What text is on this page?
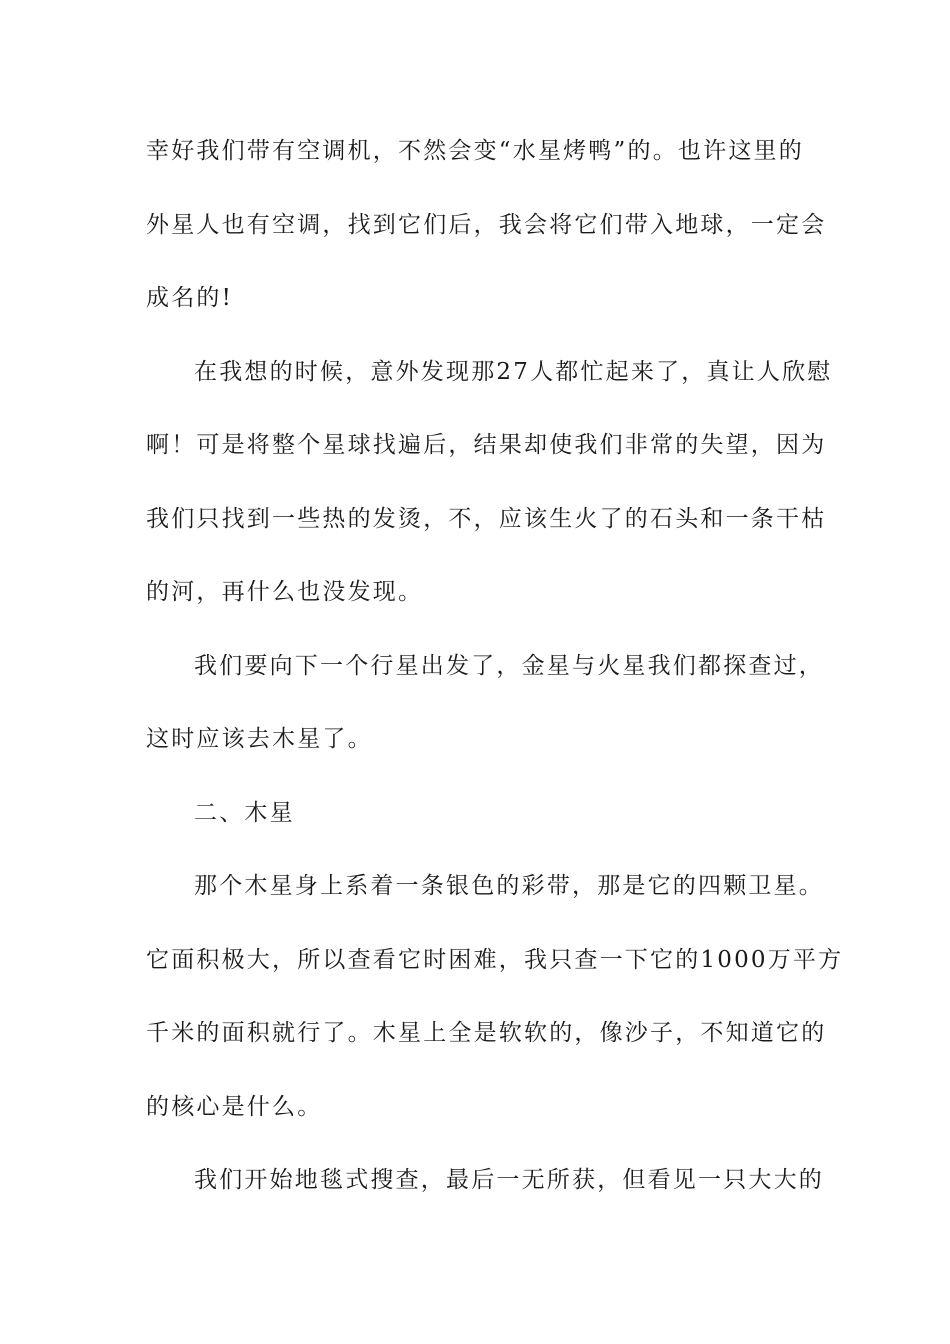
幸好我们带有空调机，不然会变“水星烤鸭”的。也许这里的
外星人也有空调，找到它们后，我会将它们带入地球，一定会
成名的!
在我想的时候，意外发现那27人都忙起来了，真让人欣慰
啊！可是将整个星球找遍后，结果却使我们非常的失望，因为
我们只找到一些热的发烫，不，应该生火了的石头和一条干枯
的河，再什么也没发现。
我们要向下一个行星出发了，金星与火星我们都探查过，
这时应该去木星了。
二、木星
那个木星身上系着一条银色的彩带，那是它的四颗卫星。
它面积极大，所以查看它时困难，我只查一下它的1000万平方
千米的面积就行了。木星上全是软软的，像沙子，不知道它的
的核心是什么。
我们开始地毯式搜查，最后一无所获，但看见一只大大的
